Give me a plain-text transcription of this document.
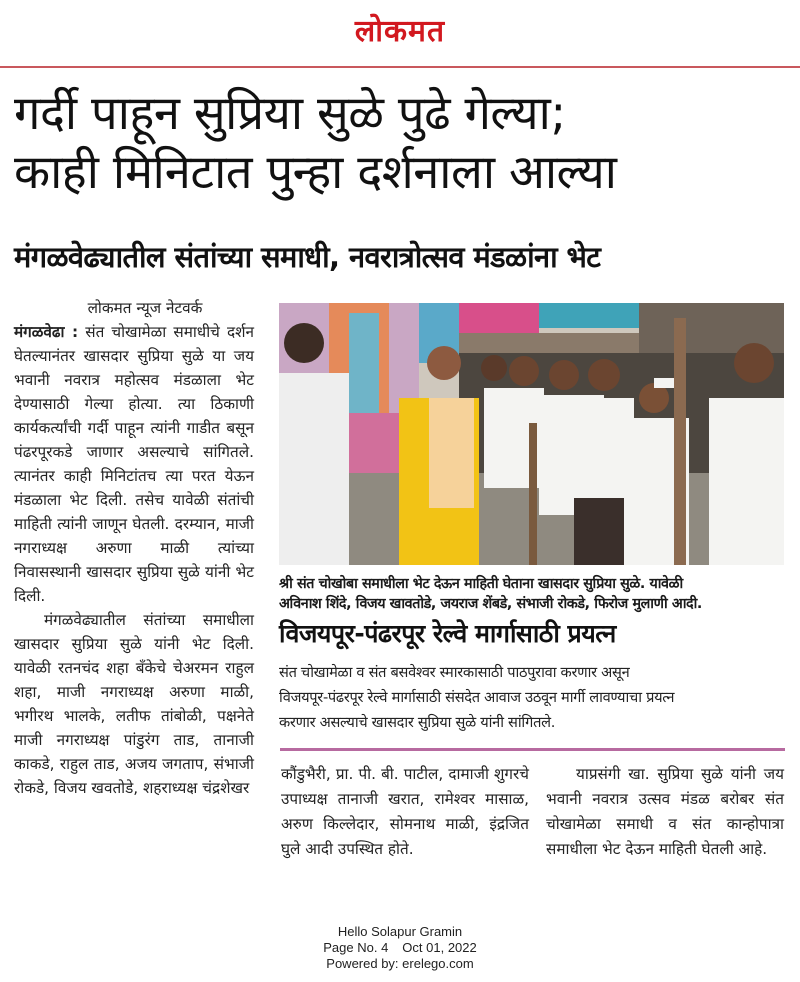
लोकमत
गर्दी पाहून सुप्रिया सुळे पुढे गेल्या;
काही मिनिटात पुन्हा दर्शनाला आल्या
मंगळवेढ्यातील संतांच्या समाधी, नवरात्रोत्सव मंडळांना भेट

लोकमत न्यूज नेटवर्क

मंगळवेढा : संत चोखामेळा समाधीचे दर्शन घेतल्यानंतर खासदार सुप्रिया सुळे या जय भवानी नवरात्र महोत्सव मंडळाला भेट देण्यासाठी गेल्या होत्या. त्या ठिकाणी कार्यकर्त्यांची गर्दी पाहून त्यांनी गाडीत बसून पंढरपूरकडे जाणार असल्याचे सांगितले. त्यानंतर काही मिनिटांतच त्या परत येऊन मंडळाला भेट दिली. तसेच यावेळी संतांची माहिती त्यांनी जाणून घेतली. दरम्यान, माजी नगराध्यक्ष अरुणा माळी त्यांच्या निवासस्थानी खासदार सुप्रिया सुळे यांनी भेट दिली.

मंगळवेढ्यातील संतांच्या समाधीला खासदार सुप्रिया सुळे यांनी भेट दिली. यावेळी रतनचंद शहा बँकेचे चेअरमन राहुल शहा, माजी नगराध्यक्ष अरुणा माळी, भगीरथ भालके, लतीफ तांबोळी, पक्षनेते माजी नगराध्यक्ष पांडुरंग ताड, तानाजी काकडे, राहुल ताड, अजय जगताप, संभाजी रोकडे, विजय खवतोडे, शहराध्यक्ष चंद्रशेखर

श्री संत चोखोबा समाधीला भेट देऊन माहिती घेताना खासदार सुप्रिया सुळे. यावेळी
अविनाश शिंदे, विजय खावतोडे, जयराज शेंबडे, संभाजी रोकडे, फिरोज मुलाणी आदी.

विजयपूर-पंढरपूर रेल्वे मार्गासाठी प्रयत्न

संत चोखामेळा व संत बसवेश्वर स्मारकासाठी पाठपुरावा करणार असून
विजयपूर-पंढरपूर रेल्वे मार्गासाठी संसदेत आवाज उठवून मार्गी लावण्याचा प्रयत्न
करणार असल्याचे खासदार सुप्रिया सुळे यांनी सांगितले.

कौंडुभैरी, प्रा. पी. बी. पाटील, दामाजी शुगरचे उपाध्यक्ष तानाजी खरात, रामेश्वर मासाळ, अरुण किल्लेदार, सोमनाथ माळी, इंद्रजित घुले आदी उपस्थित होते.

याप्रसंगी खा. सुप्रिया सुळे यांनी जय भवानी नवरात्र उत्सव मंडळ बरोबर संत चोखामेळा समाधी व संत कान्होपात्रा समाधीला भेट देऊन माहिती घेतली आहे.

Hello Solapur Gramin
Page No. 4 Oct 01, 2022
Powered by: erelego.com
